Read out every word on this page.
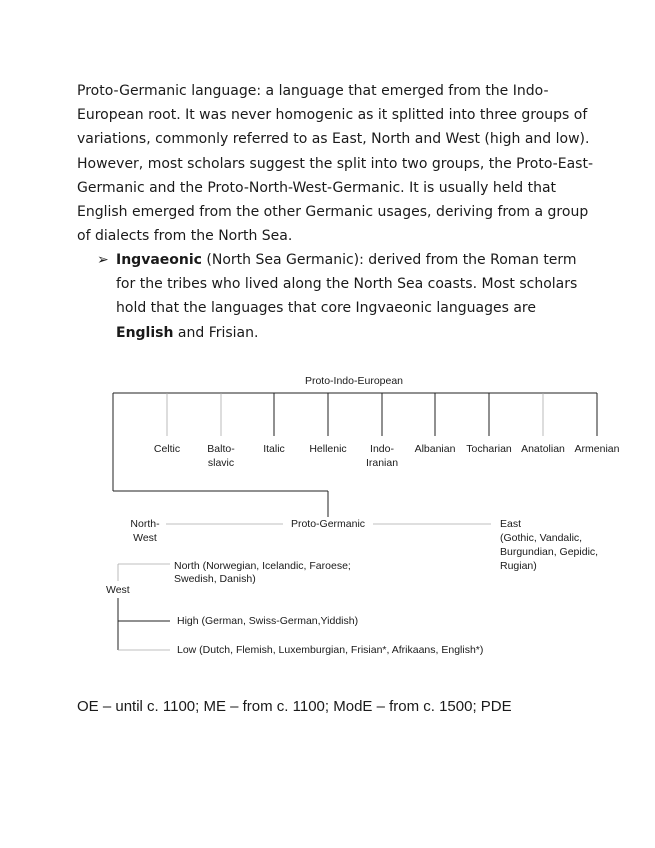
Proto-Germanic language: a language that emerged from the Indo-European root. It was never homogenic as it splitted into three groups of variations, commonly referred to as East, North and West (high and low). However, most scholars suggest the split into two groups, the Proto-East-Germanic and the Proto-North-West-Germanic. It is usually held that English emerged from the other Germanic usages, deriving from a group of dialects from the North Sea.

➢ Ingvaeonic (North Sea Germanic): derived from the Roman term for the tribes who lived along the North Sea coasts. Most scholars hold that the languages that core Ingvaeonic languages are English and Frisian.
Proto-Indo-European
Celtic	Balto-
slavic
Italic Hellenic Indo-
Iranian
Albanian Tocharian Anatolian Armenian
North-
West
Proto-Germanic	East
(Gothic, Vandalic,
Burgundian, Gepidic,
Rugian)
North (Norwegian, Icelandic, Faroese;
Swedish, Danish)
West
High (German, Swiss-German,Yiddish)
Low (Dutch, Flemish, Luxemburgian, Frisian*, Afrikaans, English*)
OE – until c. 1100; ME – from c. 1100; ModE – from c. 1500; PDE
